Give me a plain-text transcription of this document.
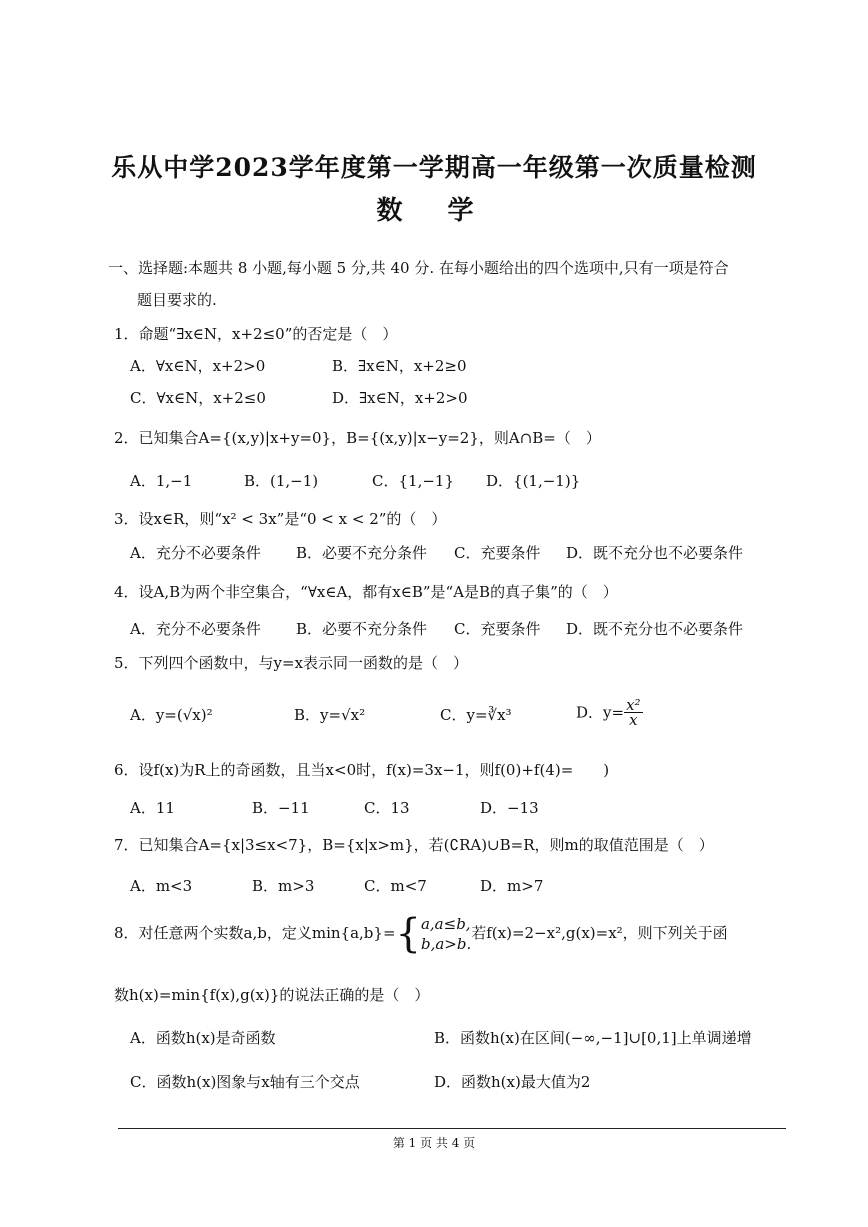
乐从中学2023学年度第一学期高一年级第一次质量检测
数 学
一、选择题:本题共 8 小题,每小题 5 分,共 40 分. 在每小题给出的四个选项中,只有一项是符合
题目要求的.
1．命题“∃x∈N，x+2≤0”的否定是（　）
A．∀x∈N，x+2>0	B．∃x∈N，x+2≥0
C．∀x∈N，x+2≤0	D．∃x∈N，x+2>0
2．已知集合A={(x,y)|x+y=0}，B={(x,y)|x−y=2}，则A∩B=（　）
A．1,−1	B．(1,−1)	C．{1,−1} D．{(1,−1)}
3．设x∈R，则“x² < 3x”是“0 < x < 2”的（　）
A．充分不必要条件 B．必要不充分条件 C．充要条件 D．既不充分也不必要条件
4．设A,B为两个非空集合，“∀x∈A，都有x∈B”是“A是B的真子集”的（　）
A．充分不必要条件 B．必要不充分条件 C．充要条件 D．既不充分也不必要条件
5．下列四个函数中，与y=x表示同一函数的是（　）
A．y=(√x)²	B．y=√x²	C．y=∛x³	D．$y= \frac{\text{x²}}{x}$
6．设f(x)为R上的奇函数，且当x<0时，f(x)=3x−1，则f(0)+f(4)=　　)
A．11	B．−11	C．13	D．−13
7．已知集合A={x|3≤x<7}，B={x|x>m}，若(∁RA)∪B=R，则m的取值范围是（　）
A．m<3	B．m>3	C．m<7	D．m>7
8．对任意两个实数a,b，定义min{a,b}={ a,a≤b,
b,a>b.
若f(x)=2−x²,g(x)=x²，则下列关于函
数h(x)=min{f(x),g(x)}的说法正确的是（　）
A．函数h(x)是奇函数	B．函数h(x)在区间(−∞,−1]∪[0,1]上单调递增
C．函数h(x)图象与x轴有三个交点	D．函数h(x)最大值为2
第 1 页 共 4 页
